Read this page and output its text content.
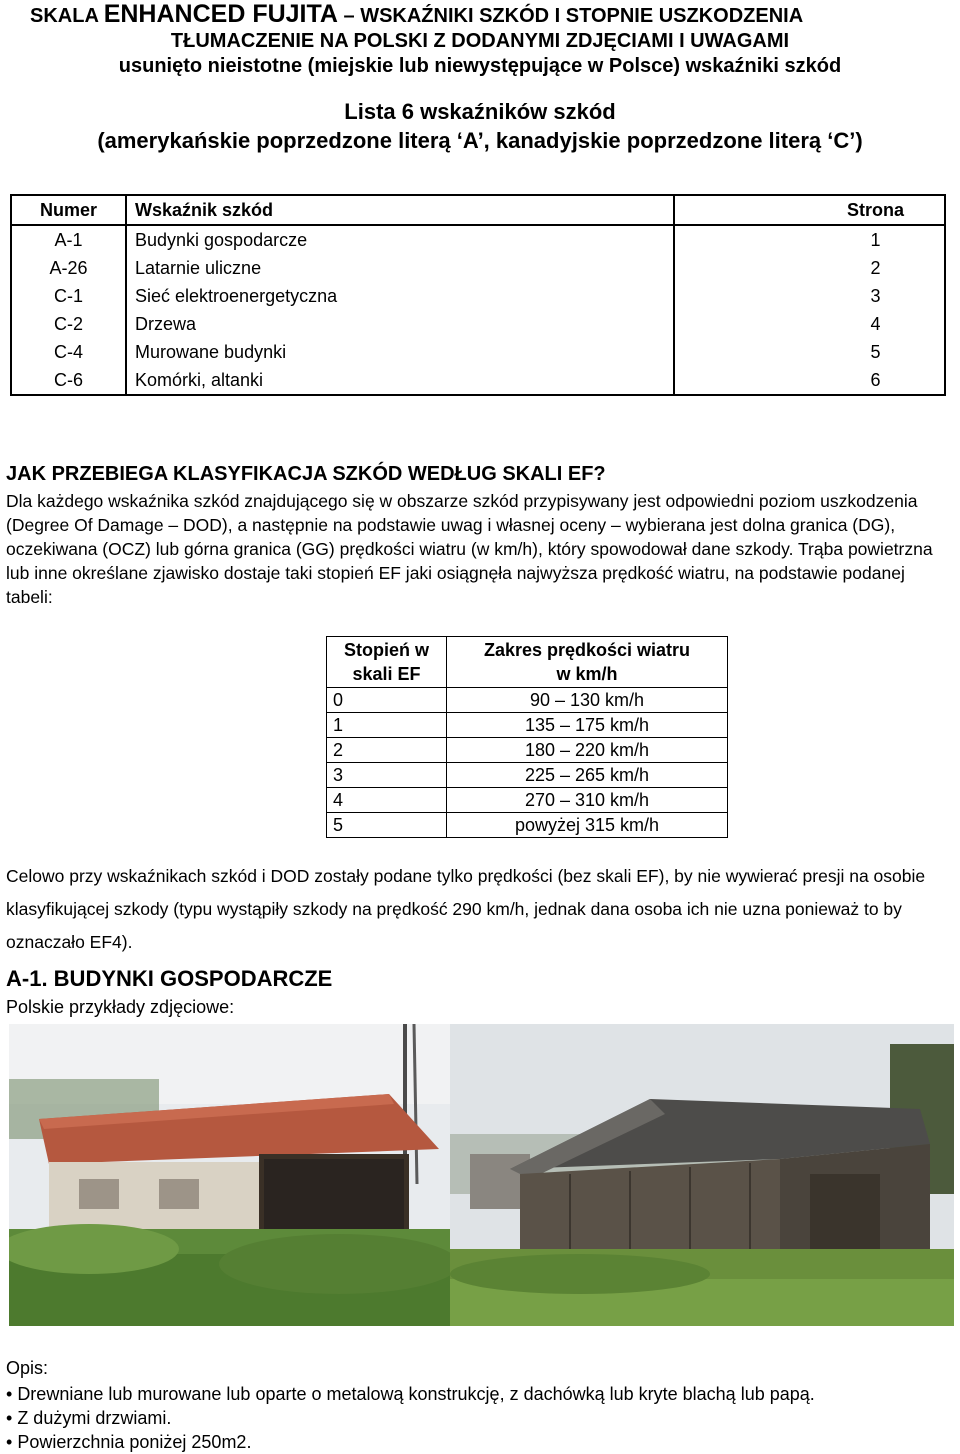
SKALA ENHANCED FUJITA – WSKAŹNIKI SZKÓD I STOPNIE USZKODZENIA

TŁUMACZENIE NA POLSKI Z DODANYMI ZDJĘCIAMI I UWAGAMI

usunięto nieistotne (miejskie lub niewystępujące w Polsce) wskaźniki szkód

Lista 6 wskaźników szkód

(amerykańskie poprzedzone literą ‘A’, kanadyjskie poprzedzone literą ‘C’)

Numer	Wskaźnik szkód	Strona
A-1	Budynki gospodarcze	1
A-26	Latarnie uliczne	2
C-1	Sieć elektroenergetyczna	3
C-2	Drzewa	4
C-4	Murowane budynki	5
C-6	Komórki, altanki	6

JAK PRZEBIEGA KLASYFIKACJA SZKÓD WEDŁUG SKALI EF?

Dla każdego wskaźnika szkód znajdującego się w obszarze szkód przypisywany jest odpowiedni poziom uszkodzenia (Degree Of Damage – DOD), a następnie na podstawie uwag i własnej oceny – wybierana jest dolna granica (DG), oczekiwana (OCZ) lub górna granica (GG) prędkości wiatru (w km/h), który spowodował dane szkody. Trąba powietrzna lub inne określane zjawisko dostaje taki stopień EF jaki osiągnęła najwyższa prędkość wiatru, na podstawie podanej tabeli:

Stopień w
skali EF	Zakres prędkości wiatru
w km/h
0	90 – 130 km/h
1	135 – 175 km/h
2	180 – 220 km/h
3	225 – 265 km/h
4	270 – 310 km/h
5	powyżej 315 km/h

Celowo przy wskaźnikach szkód i DOD zostały podane tylko prędkości (bez skali EF), by nie wywierać presji na osobie klasyfikującej szkody (typu wystąpiły szkody na prędkość 290 km/h, jednak dana osoba ich nie uzna ponieważ to by oznaczało EF4).

A-1. BUDYNKI GOSPODARCZE

Polskie przykłady zdjęciowe:

Opis:

• Drewniane lub murowane lub oparte o metalową konstrukcję, z dachówką lub kryte blachą lub papą.
• Z dużymi drzwiami.
• Powierzchnia poniżej 250m2.
